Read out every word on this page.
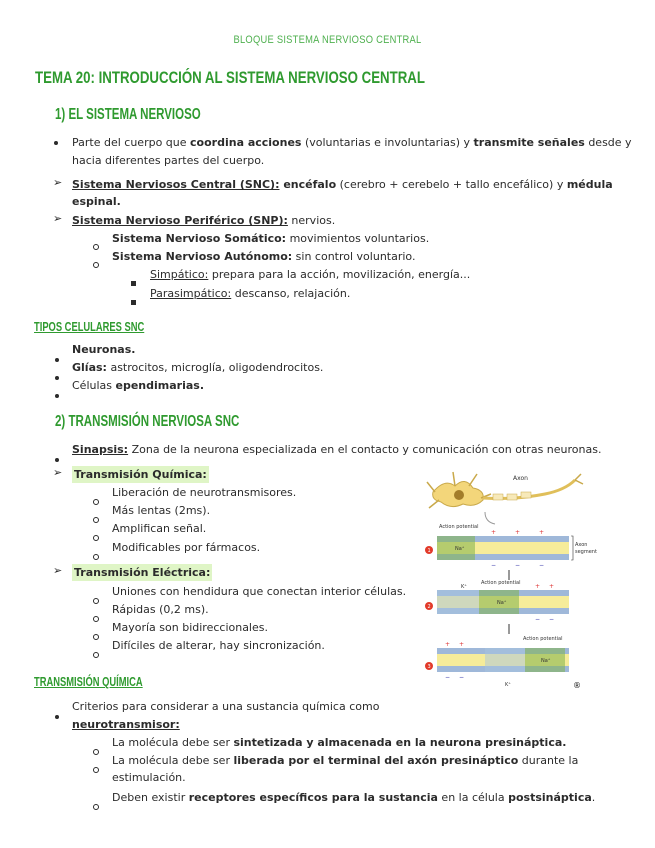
BLOQUE SISTEMA NERVIOSO CENTRAL
TEMA 20: INTRODUCCIÓN AL SISTEMA NERVIOSO CENTRAL
1) EL SISTEMA NERVIOSO
Parte del cuerpo que coordina acciones (voluntarias e involuntarias) y transmite señales desde y
hacia diferentes partes del cuerpo.
➢ Sistema Nerviosos Central (SNC): encéfalo (cerebro + cerebelo + tallo encefálico) y médula
espinal.
➢ Sistema Nervioso Periférico (SNP): nervios.
Sistema Nervioso Somático: movimientos voluntarios.
Sistema Nervioso Autónomo: sin control voluntario.
Simpático: prepara para la acción, movilización, energía...
Parasimpático: descanso, relajación.
TIPOS CELULARES SNC
Neuronas.
Glías: astrocitos, microglía, oligodendrocitos.
Células ependimarias.
2) TRANSMISIÓN NERVIOSA SNC
Sinapsis: Zona de la neurona especializada en el contacto y comunicación con otras neuronas.
➢ Transmisión Química:
Liberación de neurotransmisores.
Más lentas (2ms).
Amplifican señal.
Modificables por fármacos.
➢ Transmisión Eléctrica:
Uniones con hendidura que conectan interior células.
Rápidas (0,2 ms).
Mayoría son bidireccionales.
Difíciles de alterar, hay sincronización.
TRANSMISIÓN QUÍMICA
Criterios para considerar a una sustancia química como
neurotransmisor:
La molécula debe ser sintetizada y almacenada en la neurona presináptica.
La molécula debe ser liberada por el terminal del axón presináptico durante la
estimulación.
Deben existir receptores específicos para la sustancia en la célula postsináptica.
Axon
Action potential
1	Na⁺
Axon
segment
+	+	+
−	−	−
Action potential
2
Na⁺
K⁺	+ +
− −
Action potential
3
Na⁺
K⁺
+ +
− −
®
